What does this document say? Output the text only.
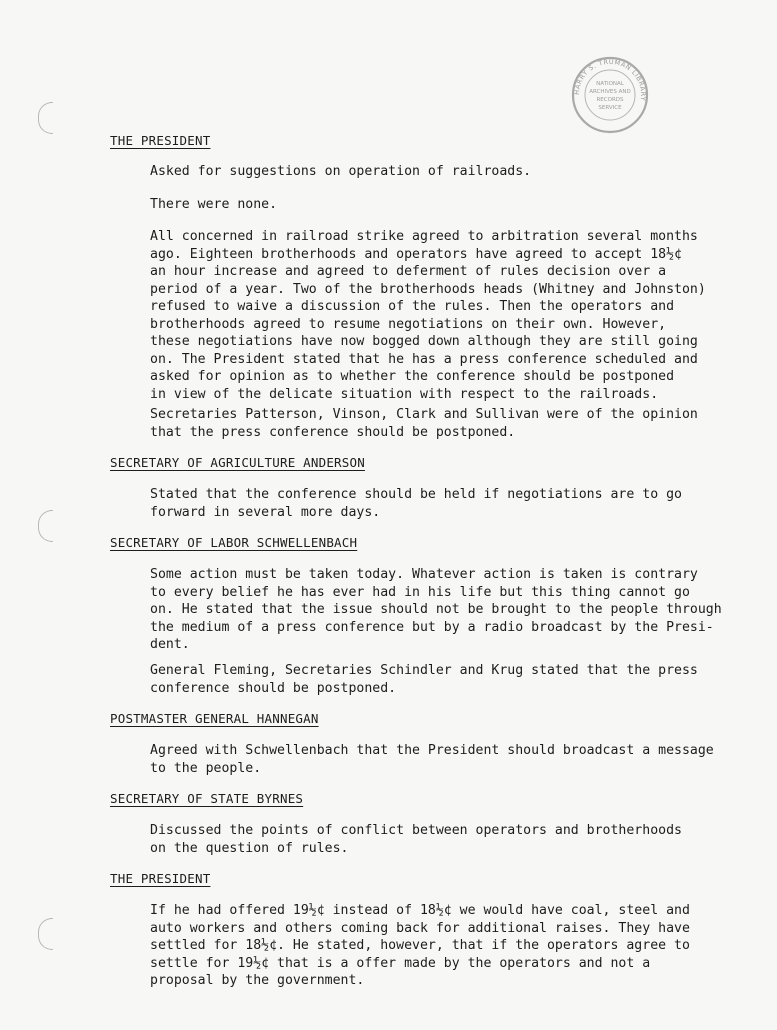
HARRY S. TRUMAN LIBRARY
NATIONAL
ARCHIVES AND
RECORDS
SERVICE
THE PRESIDENT
Asked for suggestions on operation of railroads.
There were none.
All concerned in railroad strike agreed to arbitration several months
ago. Eighteen brotherhoods and operators have agreed to accept 18½¢
an hour increase and agreed to deferment of rules decision over a
period of a year. Two of the brotherhoods heads (Whitney and Johnston)
refused to waive a discussion of the rules. Then the operators and
brotherhoods agreed to resume negotiations on their own. However,
these negotiations have now bogged down although they are still going
on. The President stated that he has a press conference scheduled and
asked for opinion as to whether the conference should be postponed
in view of the delicate situation with respect to the railroads.
Secretaries Patterson, Vinson, Clark and Sullivan were of the opinion
that the press conference should be postponed.
SECRETARY OF AGRICULTURE ANDERSON
Stated that the conference should be held if negotiations are to go
forward in several more days.
SECRETARY OF LABOR SCHWELLENBACH
Some action must be taken today. Whatever action is taken is contrary
to every belief he has ever had in his life but this thing cannot go
on. He stated that the issue should not be brought to the people through
the medium of a press conference but by a radio broadcast by the Presi-
dent.
General Fleming, Secretaries Schindler and Krug stated that the press
conference should be postponed.
POSTMASTER GENERAL HANNEGAN
Agreed with Schwellenbach that the President should broadcast a message
to the people.
SECRETARY OF STATE BYRNES
Discussed the points of conflict between operators and brotherhoods
on the question of rules.
THE PRESIDENT
If he had offered 19½¢ instead of 18½¢ we would have coal, steel and
auto workers and others coming back for additional raises. They have
settled for 18½¢. He stated, however, that if the operators agree to
settle for 19½¢ that is a offer made by the operators and not a
proposal by the government.
